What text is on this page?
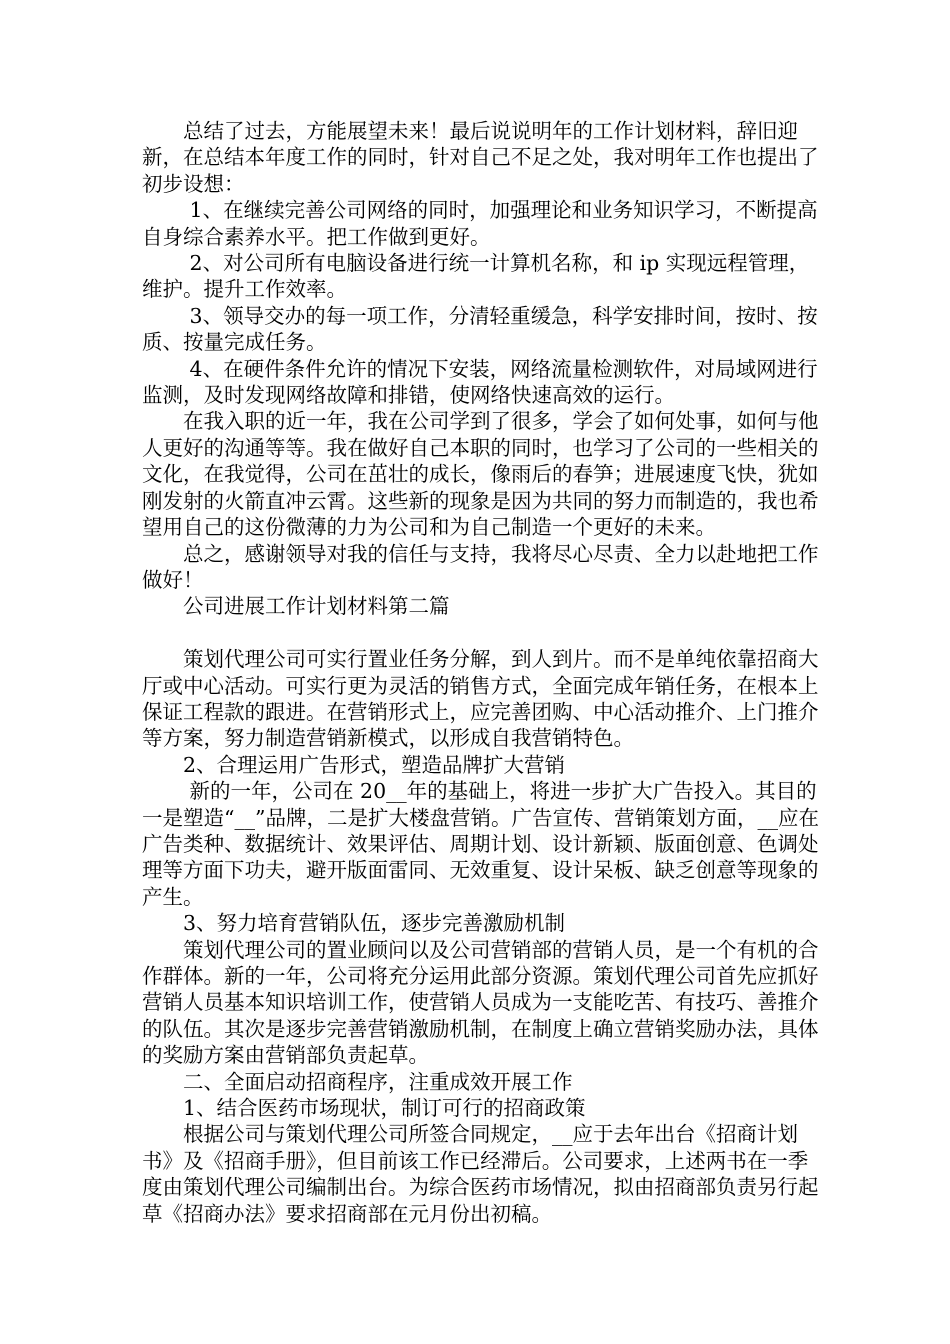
总结了过去，方能展望未来！最后说说明年的工作计划材料，辞旧迎新，在总结本年度工作的同时，针对自己不足之处，我对明年工作也提出了初步设想：

1、在继续完善公司网络的同时，加强理论和业务知识学习，不断提高自身综合素养水平。把工作做到更好。

2、对公司所有电脑设备进行统一计算机名称，和 ip 实现远程管理，维护。提升工作效率。

3、领导交办的每一项工作，分清轻重缓急，科学安排时间，按时、按质、按量完成任务。

4、在硬件条件允许的情况下安装，网络流量检测软件，对局域网进行监测，及时发现网络故障和排错，使网络快速高效的运行。

在我入职的近一年，我在公司学到了很多，学会了如何处事，如何与他人更好的沟通等等。我在做好自己本职的同时，也学习了公司的一些相关的文化，在我觉得，公司在茁壮的成长，像雨后的春笋；进展速度飞快，犹如刚发射的火箭直冲云霄。这些新的现象是因为共同的努力而制造的，我也希望用自己的这份微薄的力为公司和为自己制造一个更好的未来。

总之，感谢领导对我的信任与支持，我将尽心尽责、全力以赴地把工作做好！

公司进展工作计划材料第二篇

策划代理公司可实行置业任务分解，到人到片。而不是单纯依靠招商大厅或中心活动。可实行更为灵活的销售方式，全面完成年销任务，在根本上保证工程款的跟进。在营销形式上，应完善团购、中心活动推介、上门推介等方案，努力制造营销新模式，以形成自我营销特色。

2、合理运用广告形式，塑造品牌扩大营销

新的一年，公司在 20__年的基础上，将进一步扩大广告投入。其目的一是塑造“__”品牌，二是扩大楼盘营销。广告宣传、营销策划方面，__应在广告类种、数据统计、效果评估、周期计划、设计新颖、版面创意、色调处理等方面下功夫，避开版面雷同、无效重复、设计呆板、缺乏创意等现象的产生。

3、努力培育营销队伍，逐步完善激励机制

策划代理公司的置业顾问以及公司营销部的营销人员，是一个有机的合作群体。新的一年，公司将充分运用此部分资源。策划代理公司首先应抓好营销人员基本知识培训工作，使营销人员成为一支能吃苦、有技巧、善推介的队伍。其次是逐步完善营销激励机制，在制度上确立营销奖励办法，具体的奖励方案由营销部负责起草。

二、全面启动招商程序，注重成效开展工作

1、结合医药市场现状，制订可行的招商政策

根据公司与策划代理公司所签合同规定，__应于去年出台《招商计划书》及《招商手册》，但目前该工作已经滞后。公司要求，上述两书在一季度由策划代理公司编制出台。为综合医药市场情况，拟由招商部负责另行起草《招商办法》要求招商部在元月份出初稿。
